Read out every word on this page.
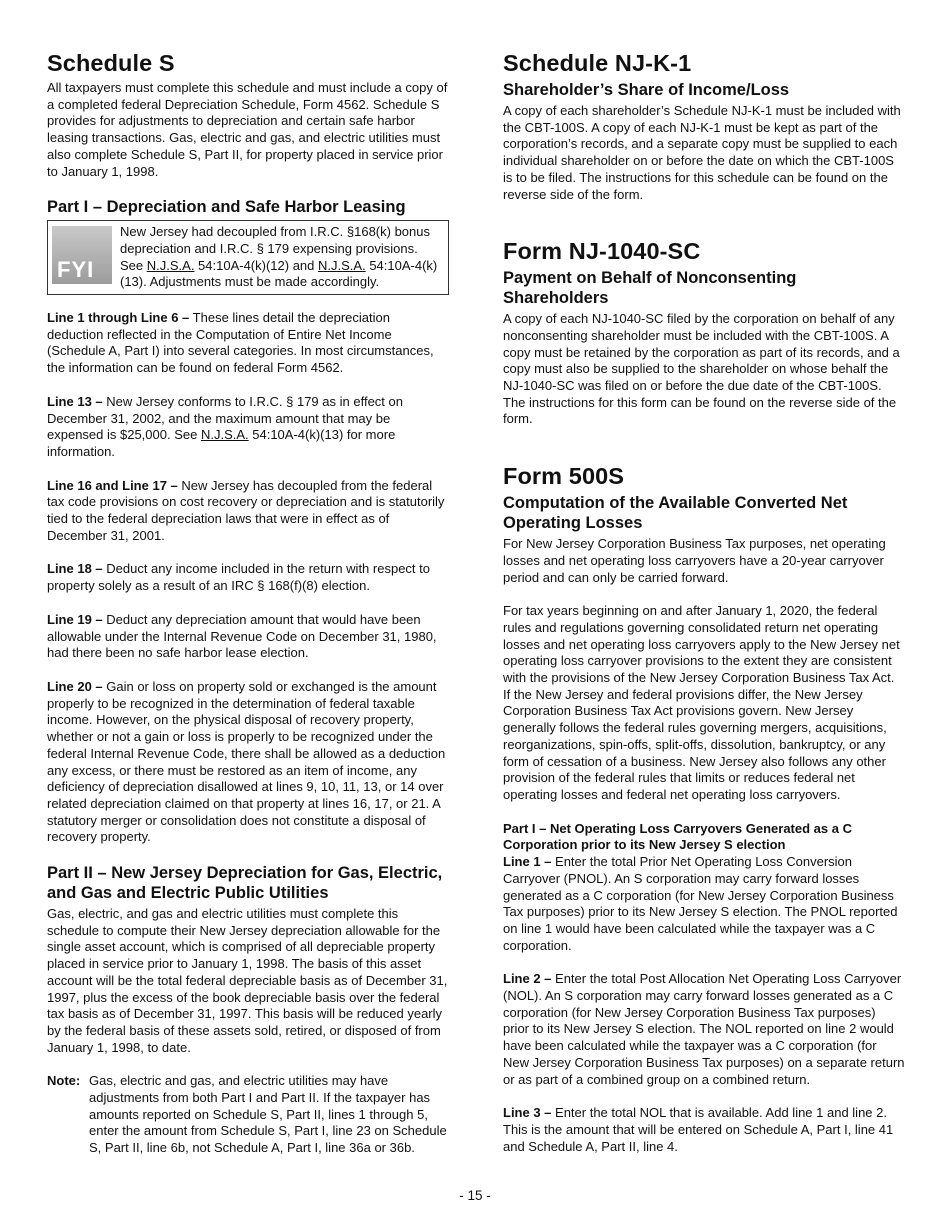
Schedule S

All taxpayers must complete this schedule and must include a copy of a completed federal Depreciation Schedule, Form 4562. Schedule S provides for adjustments to depreciation and certain safe harbor leasing transactions. Gas, electric and gas, and electric utilities must also complete Schedule S, Part II, for property placed in service prior to January 1, 1998.

Part I – Depreciation and Safe Harbor Leasing
FYI
New Jersey had decoupled from I.R.C. §168(k) bonus depreciation and I.R.C. § 179 expensing provisions. See N.J.S.A. 54:10A-4(k)(12) and N.J.S.A. 54:10A-4(k)(13). Adjustments must be made accordingly.

Line 1 through Line 6 – These lines detail the depreciation deduction reflected in the Computation of Entire Net Income (Schedule A, Part I) into several categories. In most circumstances, the information can be found on federal Form 4562.

Line 13 – New Jersey conforms to I.R.C. § 179 as in effect on December 31, 2002, and the maximum amount that may be expensed is $25,000. See N.J.S.A. 54:10A-4(k)(13) for more information.

Line 16 and Line 17 – New Jersey has decoupled from the federal tax code provisions on cost recovery or depreciation and is statutorily tied to the federal depreciation laws that were in effect as of December 31, 2001.

Line 18 – Deduct any income included in the return with respect to property solely as a result of an IRC § 168(f)(8) election.

Line 19 – Deduct any depreciation amount that would have been allowable under the Internal Revenue Code on December 31, 1980, had there been no safe harbor lease election.

Line 20 – Gain or loss on property sold or exchanged is the amount properly to be recognized in the determination of federal taxable income. However, on the physical disposal of recovery property, whether or not a gain or loss is properly to be recognized under the federal Internal Revenue Code, there shall be allowed as a deduction any excess, or there must be restored as an item of income, any deficiency of depreciation disallowed at lines 9, 10, 11, 13, or 14 over related depreciation claimed on that property at lines 16, 17, or 21. A statutory merger or consolidation does not constitute a disposal of recovery property.

Part II – New Jersey Depreciation for Gas, Electric, and Gas and Electric Public Utilities

Gas, electric, and gas and electric utilities must complete this schedule to compute their New Jersey depreciation allowable for the single asset account, which is comprised of all depreciable property placed in service prior to January 1, 1998. The basis of this asset account will be the total federal depreciable basis as of December 31, 1997, plus the excess of the book depreciable basis over the federal tax basis as of December 31, 1997. This basis will be reduced yearly by the federal basis of these assets sold, retired, or disposed of from January 1, 1998, to date.

Note: Gas, electric and gas, and electric utilities may have adjustments from both Part I and Part II. If the taxpayer has amounts reported on Schedule S, Part II, lines 1 through 5, enter the amount from Schedule S, Part I, line 23 on Schedule S, Part II, line 6b, not Schedule A, Part I, line 36a or 36b.
Schedule NJ-K-1
Shareholder’s Share of Income/Loss

A copy of each shareholder’s Schedule NJ-K-1 must be included with the CBT-100S. A copy of each NJ-K-1 must be kept as part of the corporation’s records, and a separate copy must be supplied to each individual shareholder on or before the date on which the CBT-100S is to be filed. The instructions for this schedule can be found on the reverse side of the form.

Form NJ-1040-SC
Payment on Behalf of Nonconsenting Shareholders

A copy of each NJ-1040-SC filed by the corporation on behalf of any nonconsenting shareholder must be included with the CBT-100S. A copy must be retained by the corporation as part of its records, and a copy must also be supplied to the shareholder on whose behalf the NJ-1040-SC was filed on or before the due date of the CBT-100S. The instructions for this form can be found on the reverse side of the form.

Form 500S
Computation of the Available Converted Net Operating Losses

For New Jersey Corporation Business Tax purposes, net operating losses and net operating loss carryovers have a 20-year carryover period and can only be carried forward.

For tax years beginning on and after January 1, 2020, the federal rules and regulations governing consolidated return net operating losses and net operating loss carryovers apply to the New Jersey net operating loss carryover provisions to the extent they are consistent with the provisions of the New Jersey Corporation Business Tax Act. If the New Jersey and federal provisions differ, the New Jersey Corporation Business Tax Act provisions govern. New Jersey generally follows the federal rules governing mergers, acquisitions, reorganizations, spin-offs, split-offs, dissolution, bankruptcy, or any form of cessation of a business. New Jersey also follows any other provision of the federal rules that limits or reduces federal net operating losses and federal net operating loss carryovers.

Part I – Net Operating Loss Carryovers Generated as a C Corporation prior to its New Jersey S election

Line 1 – Enter the total Prior Net Operating Loss Conversion Carryover (PNOL). An S corporation may carry forward losses generated as a C corporation (for New Jersey Corporation Business Tax purposes) prior to its New Jersey S election. The PNOL reported on line 1 would have been calculated while the taxpayer was a C corporation.

Line 2 – Enter the total Post Allocation Net Operating Loss Carryover (NOL). An S corporation may carry forward losses generated as a C corporation (for New Jersey Corporation Business Tax purposes) prior to its New Jersey S election. The NOL reported on line 2 would have been calculated while the taxpayer was a C corporation (for New Jersey Corporation Business Tax purposes) on a separate return or as part of a combined group on a combined return.

Line 3 – Enter the total NOL that is available. Add line 1 and line 2. This is the amount that will be entered on Schedule A, Part I, line 41 and Schedule A, Part II, line 4.

- 15 -
